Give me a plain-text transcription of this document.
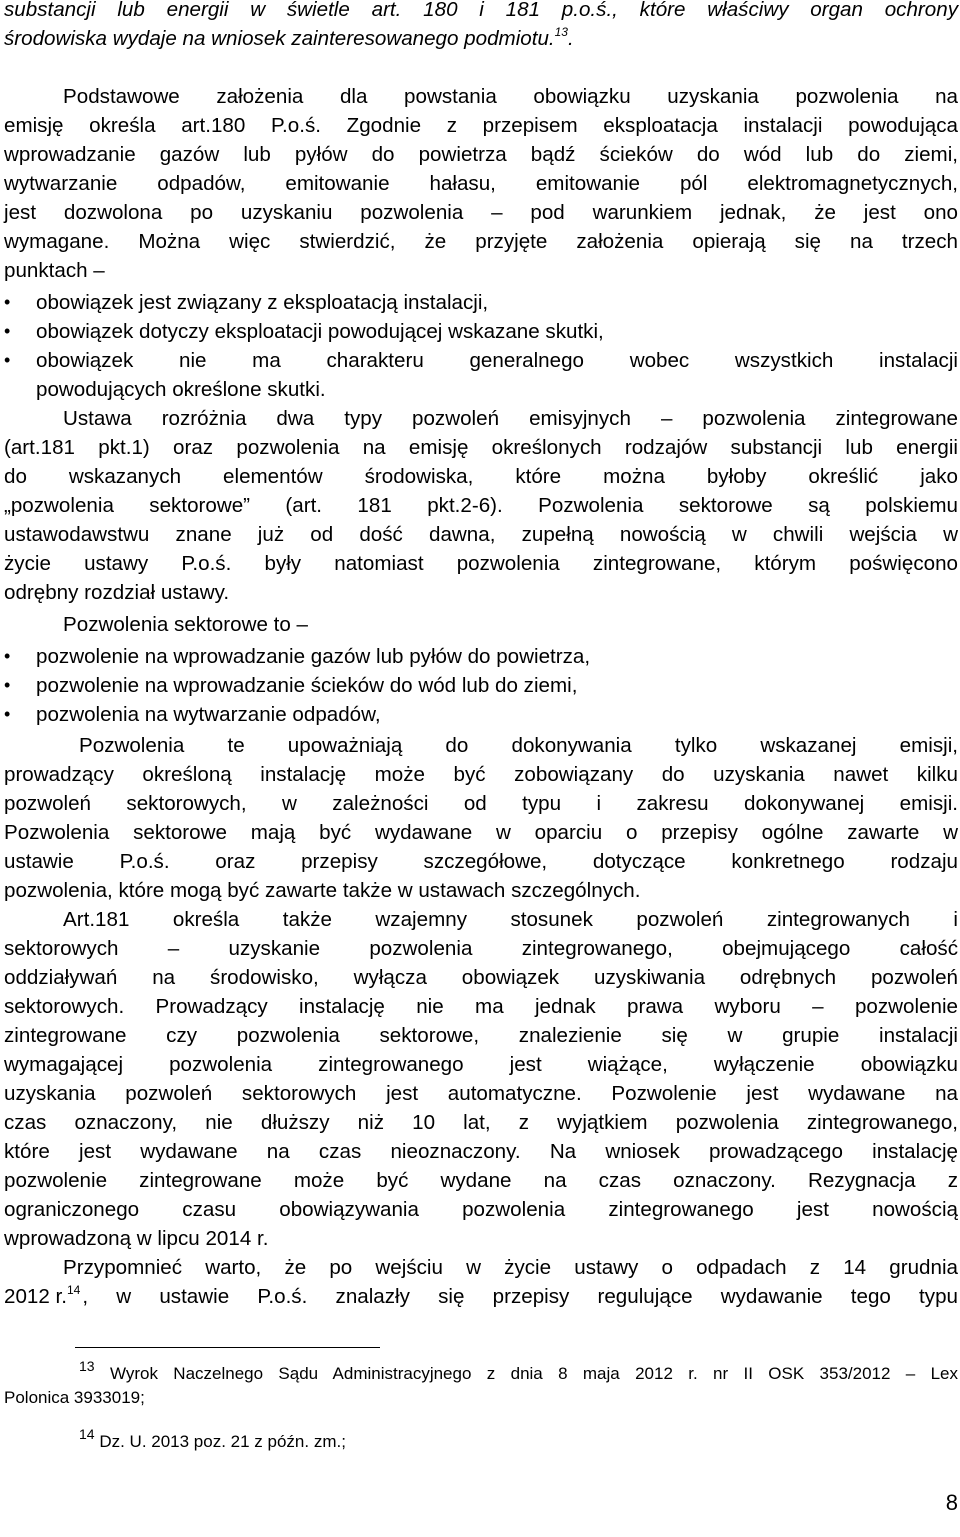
substancji lub energii w świetle art. 180 i 181 p.o.ś., które właściwy organ ochrony
środowiska wydaje na wniosek zainteresowanego podmiotu.$^{13}$.
Podstawowe założenia dla powstania obowiązku uzyskania pozwolenia na
emisję określa art.180 P.o.ś. Zgodnie z przepisem eksploatacja instalacji powodująca
wprowadzanie gazów lub pyłów do powietrza bądź ścieków do wód lub do ziemi,
wytwarzanie odpadów, emitowanie hałasu, emitowanie pól elektromagnetycznych,
jest dozwolona po uzyskaniu pozwolenia – pod warunkiem jednak, że jest ono
wymagane. Można więc stwierdzić, że przyjęte założenia opierają się na trzech
punktach –
• obowiązek jest związany z eksploatacją instalacji,
• obowiązek dotyczy eksploatacji powodującej wskazane skutki,
• obowiązek nie ma charakteru generalnego wobec wszystkich instalacji
powodujących określone skutki.
Ustawa rozróżnia dwa typy pozwoleń emisyjnych – pozwolenia zintegrowane
(art.181 pkt.1) oraz pozwolenia na emisję określonych rodzajów substancji lub energii
do wskazanych elementów środowiska, które można byłoby określić jako
„pozwolenia sektorowe” (art. 181 pkt.2-6). Pozwolenia sektorowe są polskiemu
ustawodawstwu znane już od dość dawna, zupełną nowością w chwili wejścia w
życie ustawy P.o.ś. były natomiast pozwolenia zintegrowane, którym poświęcono
odrębny rozdział ustawy.
Pozwolenia sektorowe to –
• pozwolenie na wprowadzanie gazów lub pyłów do powietrza,
• pozwolenie na wprowadzanie ścieków do wód lub do ziemi,
• pozwolenia na wytwarzanie odpadów,
Pozwolenia te upoważniają do dokonywania tylko wskazanej emisji,
prowadzący określoną instalację może być zobowiązany do uzyskania nawet kilku
pozwoleń sektorowych, w zależności od typu i zakresu dokonywanej emisji.
Pozwolenia sektorowe mają być wydawane w oparciu o przepisy ogólne zawarte w
ustawie P.o.ś. oraz przepisy szczegółowe, dotyczące konkretnego rodzaju
pozwolenia, które mogą być zawarte także w ustawach szczególnych.
Art.181 określa także wzajemny stosunek pozwoleń zintegrowanych i
sektorowych – uzyskanie pozwolenia zintegrowanego, obejmującego całość
oddziaływań na środowisko, wyłącza obowiązek uzyskiwania odrębnych pozwoleń
sektorowych. Prowadzący instalację nie ma jednak prawa wyboru – pozwolenie
zintegrowane czy pozwolenia sektorowe, znalezienie się w grupie instalacji
wymagającej pozwolenia zintegrowanego jest wiążące, wyłączenie obowiązku
uzyskania pozwoleń sektorowych jest automatyczne. Pozwolenie jest wydawane na
czas oznaczony, nie dłuższy niż 10 lat, z wyjątkiem pozwolenia zintegrowanego,
które jest wydawane na czas nieoznaczony. Na wniosek prowadzącego instalację
pozwolenie zintegrowane może być wydane na czas oznaczony. Rezygnacja z
ograniczonego czasu obowiązywania pozwolenia zintegrowanego jest nowością
wprowadzoną w lipcu 2014 r.
Przypomnieć warto, że po wejściu w życie ustawy o odpadach z 14 grudnia
2012 r.$^{14}$ , w ustawie P.o.ś. znalazły się przepisy regulujące wydawanie tego typu
$^{13}$ Wyrok Naczelnego Sądu Administracyjnego z dnia 8 maja 2012 r. nr II OSK 353/2012 – Lex
Polonica 3933019;
$^{14}$ Dz. U. 2013 poz. 21 z późn. zm.;
8
